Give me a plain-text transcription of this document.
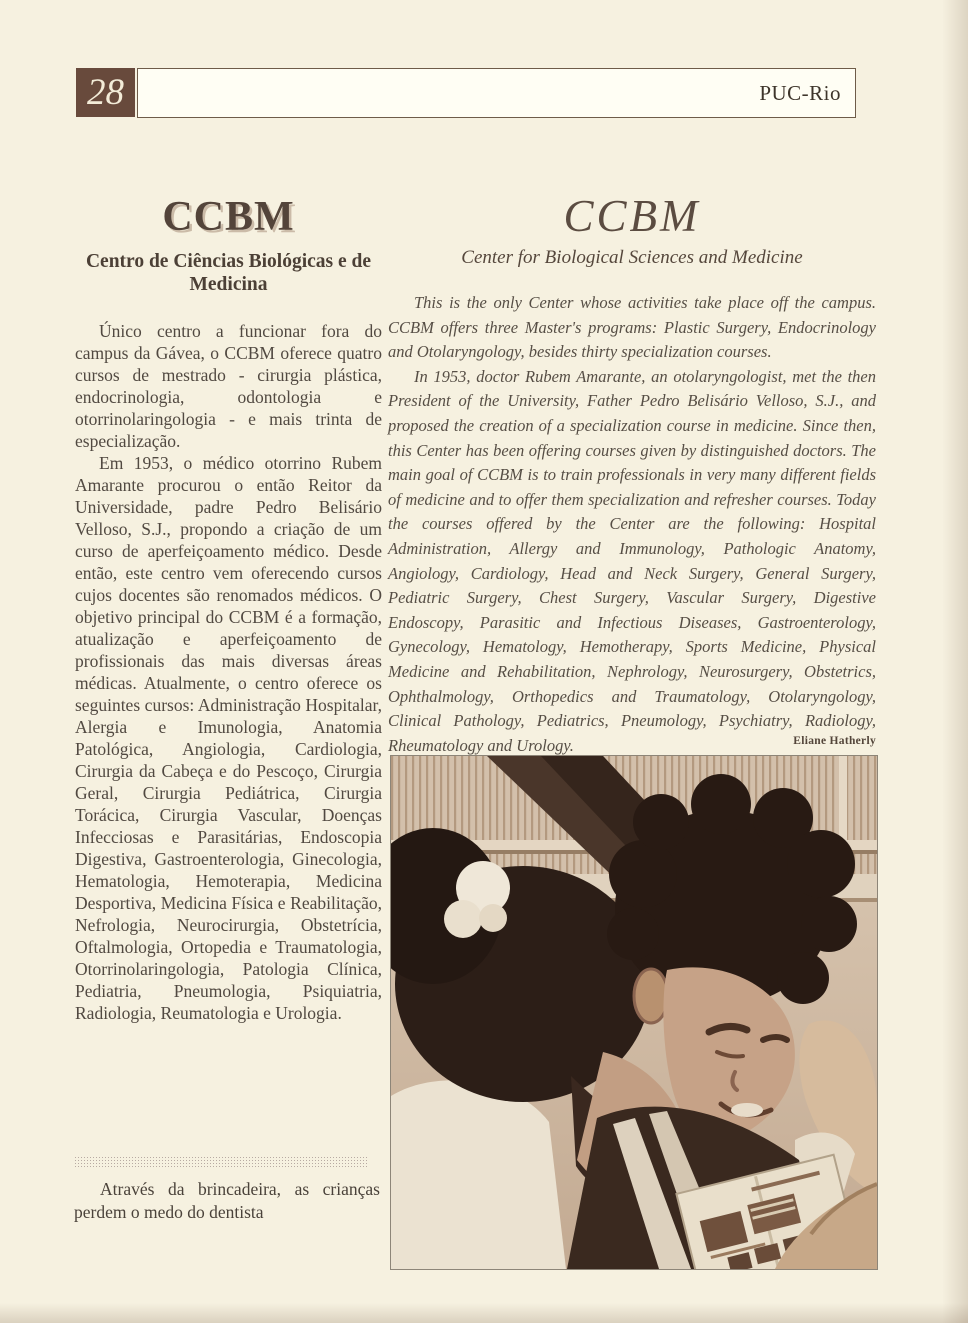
28	PUC-Rio
CCBM
Centro de Ciências Biológicas e de Medicina

Único centro a funcionar fora do campus da Gávea, o CCBM oferece quatro cursos de mestrado - cirurgia plástica, endocrinologia, odontologia e otorrinolaringologia - e mais trinta de especialização.

Em 1953, o médico otorrino Rubem Amarante procurou o então Reitor da Universidade, padre Pedro Belisário Velloso, S.J., propondo a criação de um curso de aperfeiçoamento médico. Desde então, este centro vem oferecendo cursos cujos docentes são renomados médicos. O objetivo principal do CCBM é a formação, atualização e aperfeiçoamento de profissionais das mais diversas áreas médicas. Atualmente, o centro oferece os seguintes cursos: Administração Hospitalar, Alergia e Imunologia, Anatomia Patológica, Angiologia, Cardiologia, Cirurgia da Cabeça e do Pescoço, Cirurgia Geral, Cirurgia Pediátrica, Cirurgia Torácica, Cirurgia Vascular, Doenças Infecciosas e Parasitárias, Endoscopia Digestiva, Gastroenterologia, Ginecologia, Hematologia, Hemoterapia, Medicina Desportiva, Medicina Física e Reabilitação, Nefrologia, Neurocirurgia, Obstetrícia, Oftalmologia, Ortopedia e Traumatologia, Otorrinolaringologia, Patologia Clínica, Pediatria, Pneumologia, Psiquiatria, Radiologia, Reumatologia e Urologia.

CCBM
Center for Biological Sciences and Medicine

This is the only Center whose activities take place off the campus. CCBM offers three Master's programs: Plastic Surgery, Endocrinology and Otolaryngology, besides thirty specialization courses.

In 1953, doctor Rubem Amarante, an otolaryngologist, met the then President of the University, Father Pedro Belisário Velloso, S.J., and proposed the creation of a specialization course in medicine. Since then, this Center has been offering courses given by distinguished doctors. The main goal of CCBM is to train professionals in very many different fields of medicine and to offer them specialization and refresher courses. Today the courses offered by the Center are the following: Hospital Administration, Allergy and Immunology, Pathologic Anatomy, Angiology, Cardiology, Head and Neck Surgery, General Surgery, Pediatric Surgery, Chest Surgery, Vascular Surgery, Digestive Endoscopy, Parasitic and Infectious Diseases, Gastroenterology, Gynecology, Hematology, Hemotherapy, Sports Medicine, Physical Medicine and Rehabilitation, Nephrology, Neurosurgery, Obstetrics, Ophthalmology, Orthopedics and Traumatology, Otolaryngology, Clinical Pathology, Pediatrics, Pneumology, Psychiatry, Radiology, Rheumatology and Urology.	Eliane Hatherly
Através da brincadeira, as crianças perdem o medo do dentista
